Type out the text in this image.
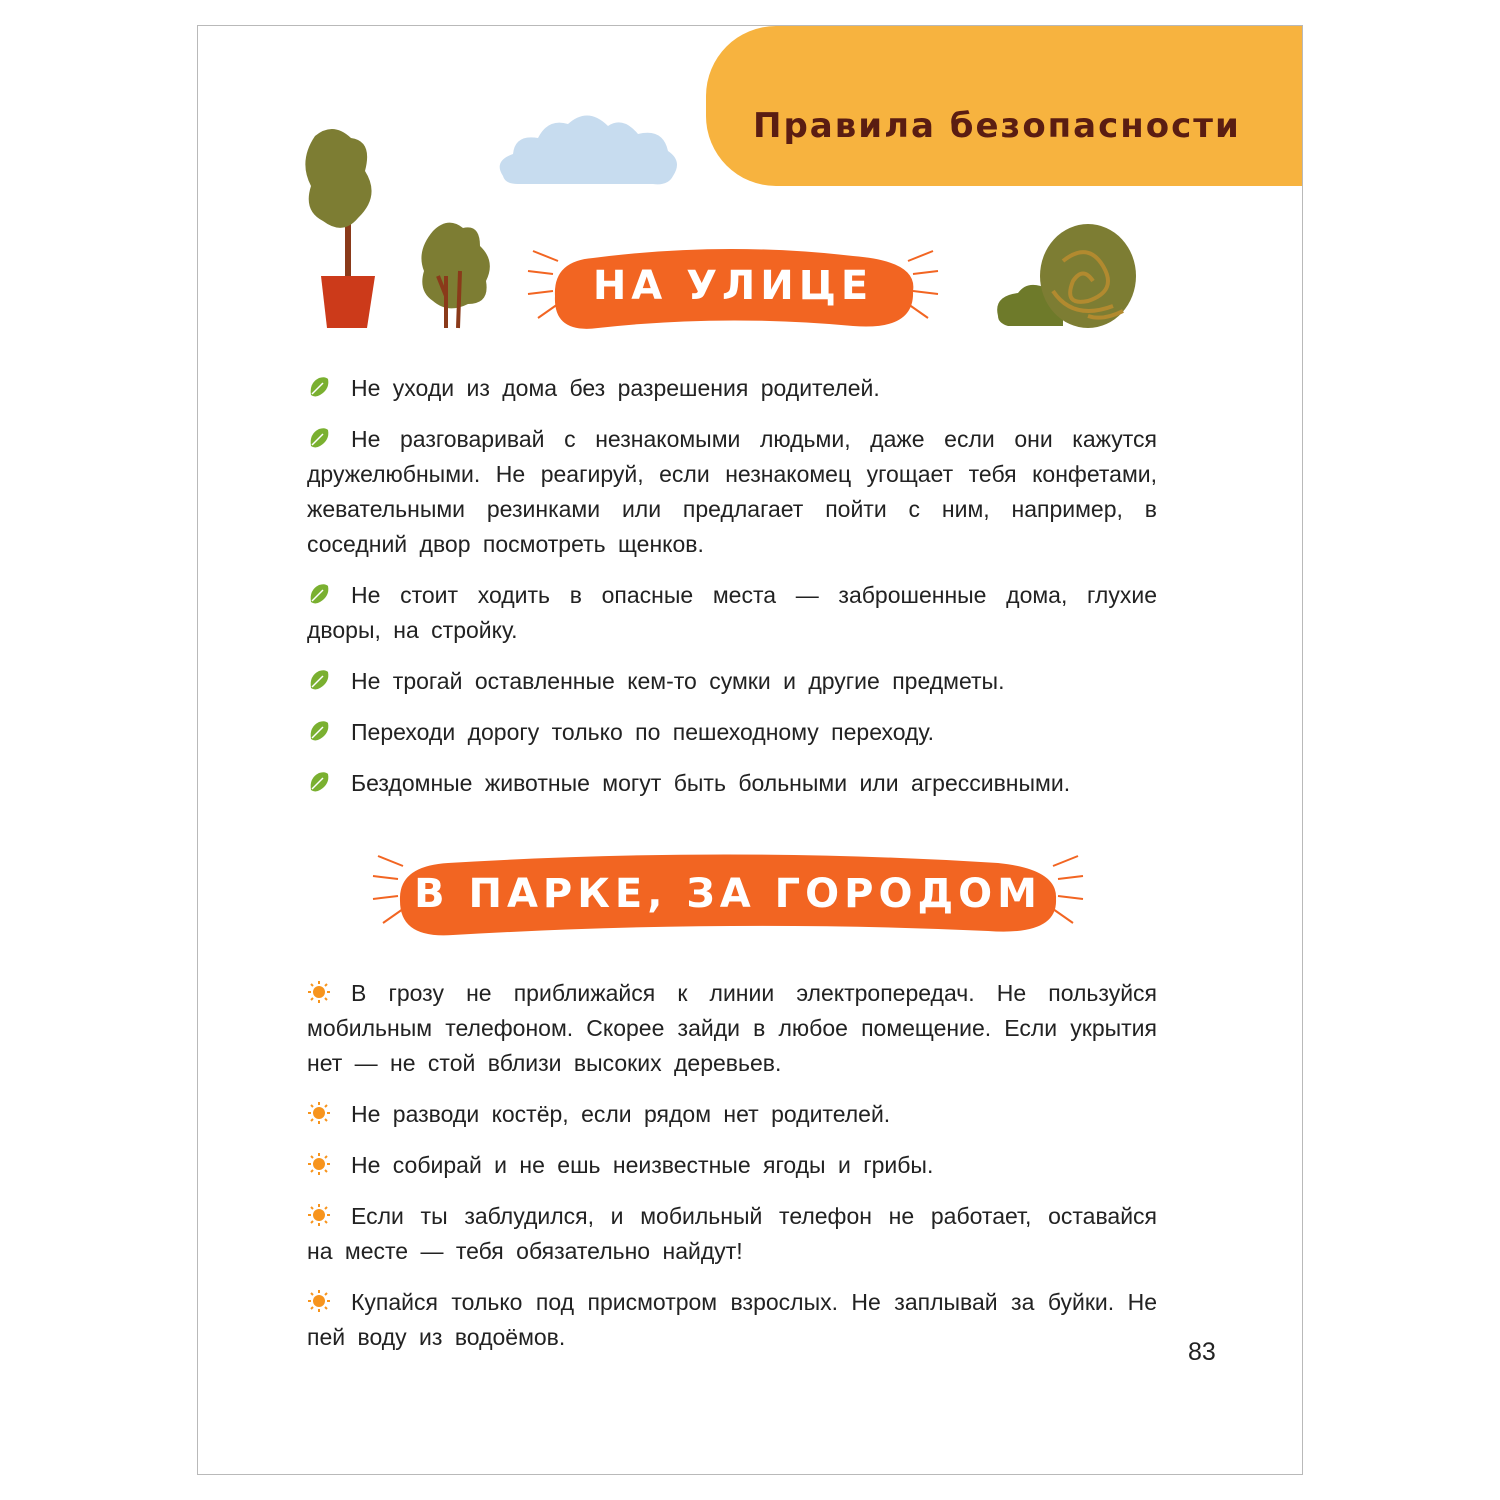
Правила безопасности
НА УЛИЦЕ
Не уходи из дома без разрешения родителей.
Не разговаривай с незнакомыми людьми, даже если они кажутся дружелюбными. Не реагируй, если незнакомец угощает тебя конфетами, жевательными резинками или предлагает пойти с ним, например, в соседний двор посмотреть щенков.
Не стоит ходить в опасные места — заброшенные дома, глухие дворы, на стройку.
Не трогай оставленные кем-то сумки и другие предметы.
Переходи дорогу только по пешеходному переходу.
Бездомные животные могут быть больными или агрессивными.
В ПАРКЕ, ЗА ГОРОДОМ
В грозу не приближайся к линии электропередач. Не пользуйся мобильным телефоном. Скорее зайди в любое помещение. Если укрытия нет — не стой вблизи высоких деревьев.
Не разводи костёр, если рядом нет родителей.
Не собирай и не ешь неизвестные ягоды и грибы.
Если ты заблудился, и мобильный телефон не работает, оставайся на месте — тебя обязательно найдут!
Купайся только под присмотром взрослых. Не заплывай за буйки. Не пей воду из водоёмов.
83
